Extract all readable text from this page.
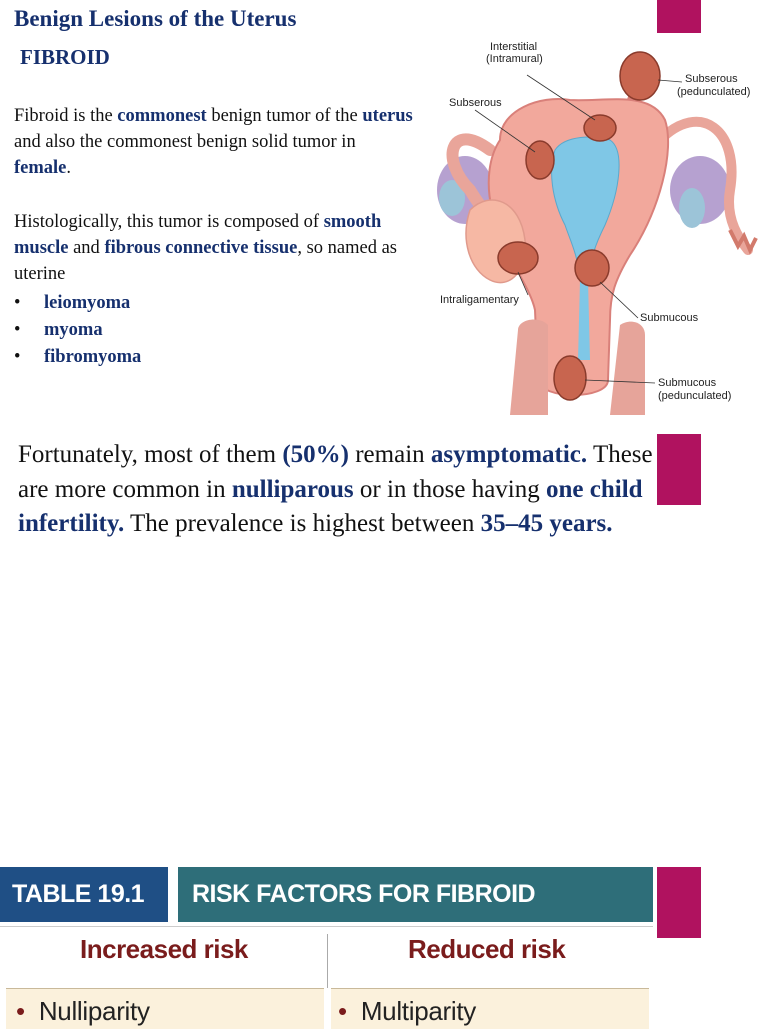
Benign Lesions of the Uterus
FIBROID
Fibroid is the commonest benign tumor of the uterus and also the commonest benign solid tumor in female.
Histologically, this tumor is composed of smooth muscle and fibrous connective tissue, so named as uterine
• leiomyoma
• myoma
• fibromyoma
Interstitial
(Intramural)
Subserous
Subserous
(pedunculated)
Intraligamentary
Submucous
Submucous
(pedunculated)
Fortunately, most of them (50%) remain asymptomatic. These are more common in nulliparous or in those having one child infertility. The prevalence is highest between 35–45 years.
TABLE 19.1	RISK FACTORS FOR FIBROID
Increased risk	Reduced risk
• Nulliparity	• Multiparity
